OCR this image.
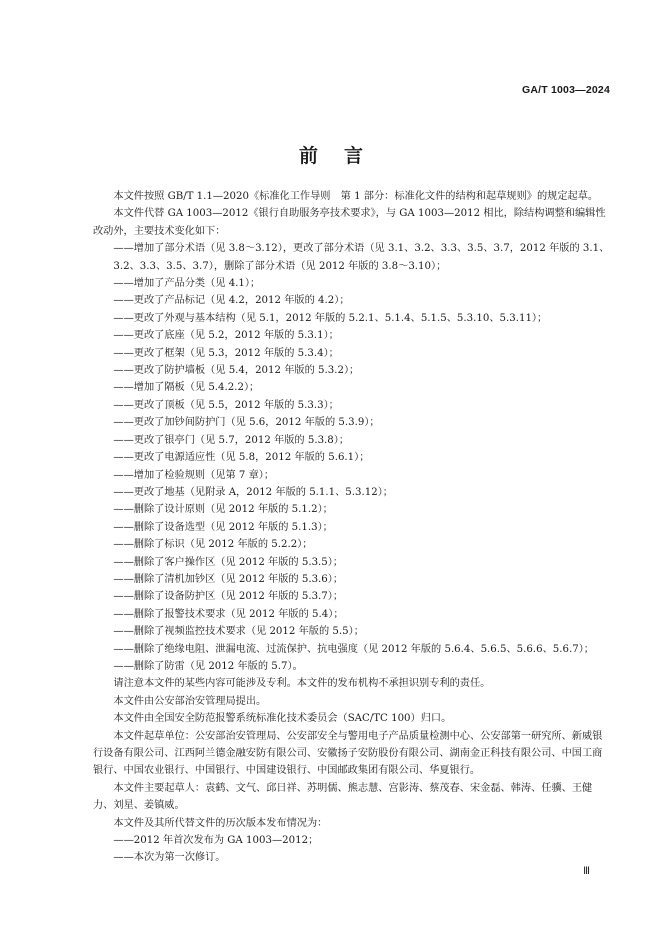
GA/T 1003—2024
前言

本文件按照 GB/T 1.1—2020《标准化工作导则　第 1 部分：标准化文件的结构和起草规则》的规定起草。

本文件代替 GA 1003—2012《银行自助服务亭技术要求》，与 GA 1003—2012 相比，除结构调整和编辑性改动外，主要技术变化如下：

——增加了部分术语（见 3.8～3.12），更改了部分术语（见 3.1、3.2、3.3、3.5、3.7，2012 年版的 3.1、3.2、3.3、3.5、3.7），删除了部分术语（见 2012 年版的 3.8～3.10）；

——增加了产品分类（见 4.1）；

——更改了产品标记（见 4.2，2012 年版的 4.2）；

——更改了外观与基本结构（见 5.1，2012 年版的 5.2.1、5.1.4、5.1.5、5.3.10、5.3.11）；

——更改了底座（见 5.2，2012 年版的 5.3.1）；

——更改了框架（见 5.3，2012 年版的 5.3.4）；

——更改了防护墙板（见 5.4，2012 年版的 5.3.2）；

——增加了隔板（见 5.4.2.2）；

——更改了顶板（见 5.5，2012 年版的 5.3.3）；

——更改了加钞间防护门（见 5.6，2012 年版的 5.3.9）；

——更改了银亭门（见 5.7，2012 年版的 5.3.8）；

——更改了电源适应性（见 5.8，2012 年版的 5.6.1）；

——增加了检验规则（见第 7 章）；

——更改了地基（见附录 A，2012 年版的 5.1.1、5.3.12）；

——删除了设计原则（见 2012 年版的 5.1.2）；

——删除了设备选型（见 2012 年版的 5.1.3）；

——删除了标识（见 2012 年版的 5.2.2）；

——删除了客户操作区（见 2012 年版的 5.3.5）；

——删除了清机加钞区（见 2012 年版的 5.3.6）；

——删除了设备防护区（见 2012 年版的 5.3.7）；

——删除了报警技术要求（见 2012 年版的 5.4）；

——删除了视频监控技术要求（见 2012 年版的 5.5）；

——删除了绝缘电阻、泄漏电流、过流保护、抗电强度（见 2012 年版的 5.6.4、5.6.5、5.6.6、5.6.7）；

——删除了防雷（见 2012 年版的 5.7）。

请注意本文件的某些内容可能涉及专利。本文件的发布机构不承担识别专利的责任。

本文件由公安部治安管理局提出。

本文件由全国安全防范报警系统标准化技术委员会（SAC/TC 100）归口。

本文件起草单位：公安部治安管理局、公安部安全与警用电子产品质量检测中心、公安部第一研究所、新威银行设备有限公司、江西阿兰德金融安防有限公司、安徽扬子安防股份有限公司、湖南金正科技有限公司、中国工商银行、中国农业银行、中国银行、中国建设银行、中国邮政集团有限公司、华夏银行。

本文件主要起草人：袁鹤、文气、邱日祥、苏明儒、熊志慧、宫影涛、蔡茂春、宋金磊、韩涛、任骥、王健力、刘星、姜镇威。

本文件及其所代替文件的历次版本发布情况为：

——2012 年首次发布为 GA 1003—2012；

——本次为第一次修订。

Ⅲ
